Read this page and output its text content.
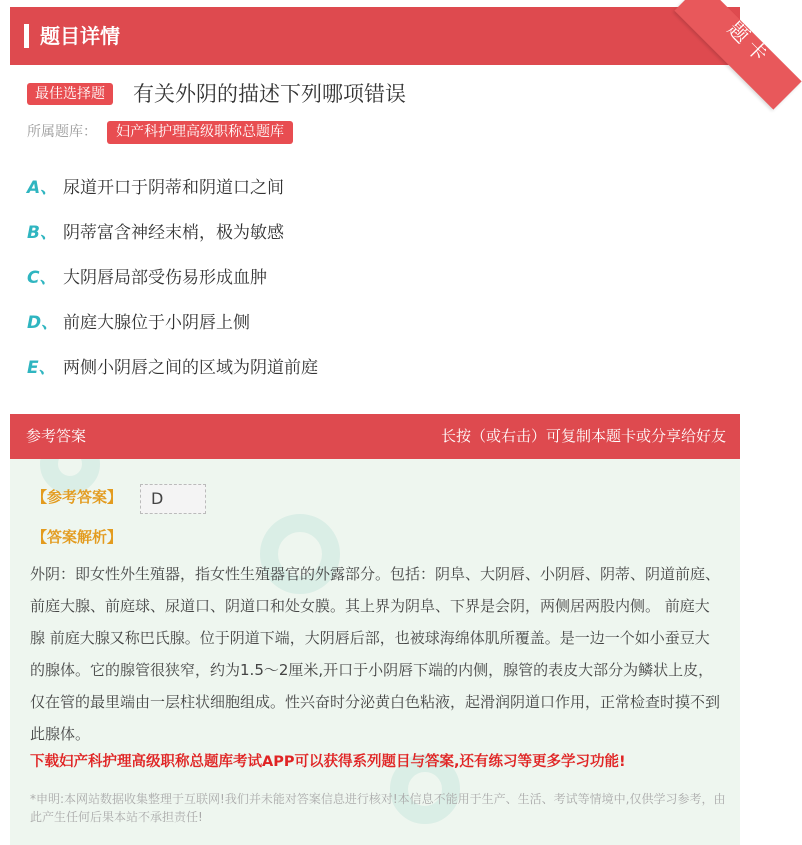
题目详情	题卡
最佳选择题	有关外阴的描述下列哪项错误
所属题库：	妇产科护理高级职称总题库
A、 尿道开口于阴蒂和阴道口之间
B、 阴蒂富含神经末梢，极为敏感
C、 大阴唇局部受伤易形成血肿
D、 前庭大腺位于小阴唇上侧
E、 两侧小阴唇之间的区域为阴道前庭
参考答案	长按（或右击）可复制本题卡或分享给好友
【参考答案】	D
【答案解析】
外阴：即女性外生殖器，指女性生殖器官的外露部分。包括：阴阜、大阴唇、小阴唇、阴蒂、阴道前庭、前庭大腺、前庭球、尿道口、阴道口和处女膜。其上界为阴阜、下界是会阴，两侧居两股内侧。 前庭大腺 前庭大腺又称巴氏腺。位于阴道下端，大阴唇后部，也被球海绵体肌所覆盖。是一边一个如小蚕豆大的腺体。它的腺管很狭窄，约为1.5～2厘米,开口于小阴唇下端的内侧，腺管的表皮大部分为鳞状上皮，仅在管的最里端由一层柱状细胞组成。性兴奋时分泌黄白色粘液，起滑润阴道口作用，正常检查时摸不到此腺体。
下载妇产科护理高级职称总题库考试APP可以获得系列题目与答案,还有练习等更多学习功能!
*申明:本网站数据收集整理于互联网!我们并未能对答案信息进行核对!本信息不能用于生产、生活、考试等情境中,仅供学习参考，由此产生任何后果本站不承担责任!
